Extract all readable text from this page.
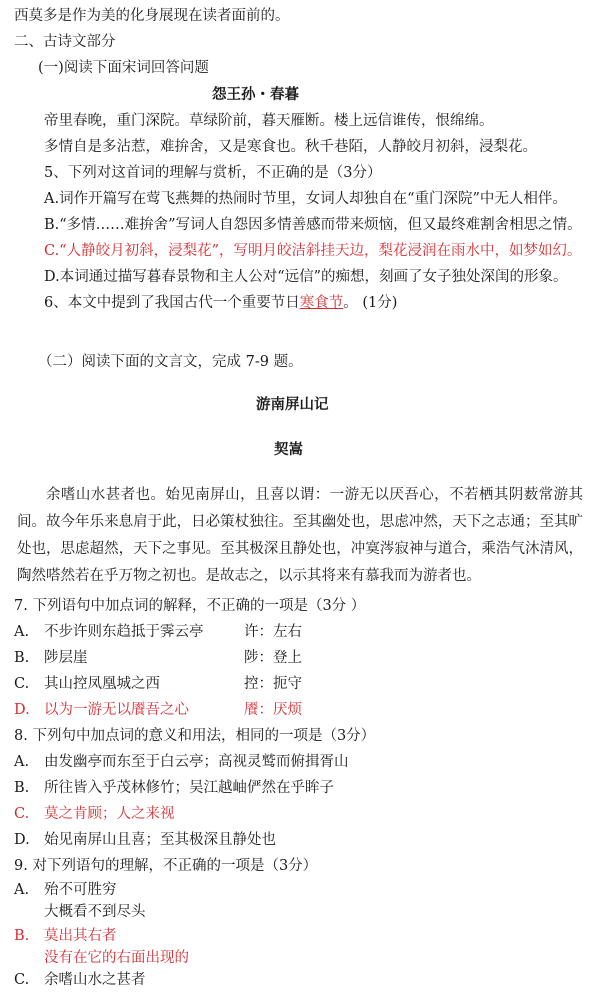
西莫多是作为美的化身展现在读者面前的。
二、古诗文部分
(一)阅读下面宋词回答问题
怨王孙・春暮
帝里春晚，重门深院。草绿阶前，暮天雁断。楼上远信谁传，恨绵绵。
多情自是多沾惹，难拚舍，又是寒食也。秋千巷陌，人静皎月初斜，浸梨花。
5、下列对这首词的理解与赏析，不正确的是（3分）
A.词作开篇写在莺飞燕舞的热闹时节里，女词人却独自在“重门深院”中无人相伴。
B.“多情……难拚舍”写词人自怨因多情善感而带来烦恼，但又最终难割舍相思之情。
C.“人静皎月初斜，浸梨花”，写明月皎洁斜挂天边，梨花浸润在雨水中，如梦如幻。
D.本词通过描写暮春景物和主人公对“远信”的痴想，刻画了女子独处深闺的形象。
6、本文中提到了我国古代一个重要节日寒食节。 (1分)
（二）阅读下面的文言文，完成 7-9 题。
游南屏山记
契嵩
余嗜山水甚者也。始见南屏山，且喜以谓：一游无以厌吾心，不若栖其阴薮常游其间。故今年乐来息肩于此，日必策杖独往。至其幽处也，思虑冲然，天下之志通；至其旷处也，思虑超然，天下之事见。至其极深且静处也，冲寞涔寂神与道合，乘浩气沐清风，陶然嗒然若在乎万物之初也。是故志之，以示其将来有慕我而为游者也。
7. 下列语句中加点词的解释，不正确的一项是（3分 ）
A. 不步许则东趋抵于霁云亭	许：左右
B. 陟层崖	陟：登上
C. 其山控凤凰城之西	控：扼守
D. 以为一游无以餍吾之心	餍：厌烦
8. 下列句中加点词的意义和用法，相同的一项是（3分）
A. 由发幽亭而东至于白云亭；高视灵鹫而俯揖胥山
B. 所往皆入乎茂林修竹；吴江越岫俨然在乎眸子
C. 莫之肯顾；人之来视
D. 始见南屏山且喜；至其极深且静处也
9. 对下列语句的理解，不正确的一项是（3分）
A. 殆不可胜穷
大概看不到尽头
B. 莫出其右者
没有在它的右面出现的
C. 余嗜山水之甚者
